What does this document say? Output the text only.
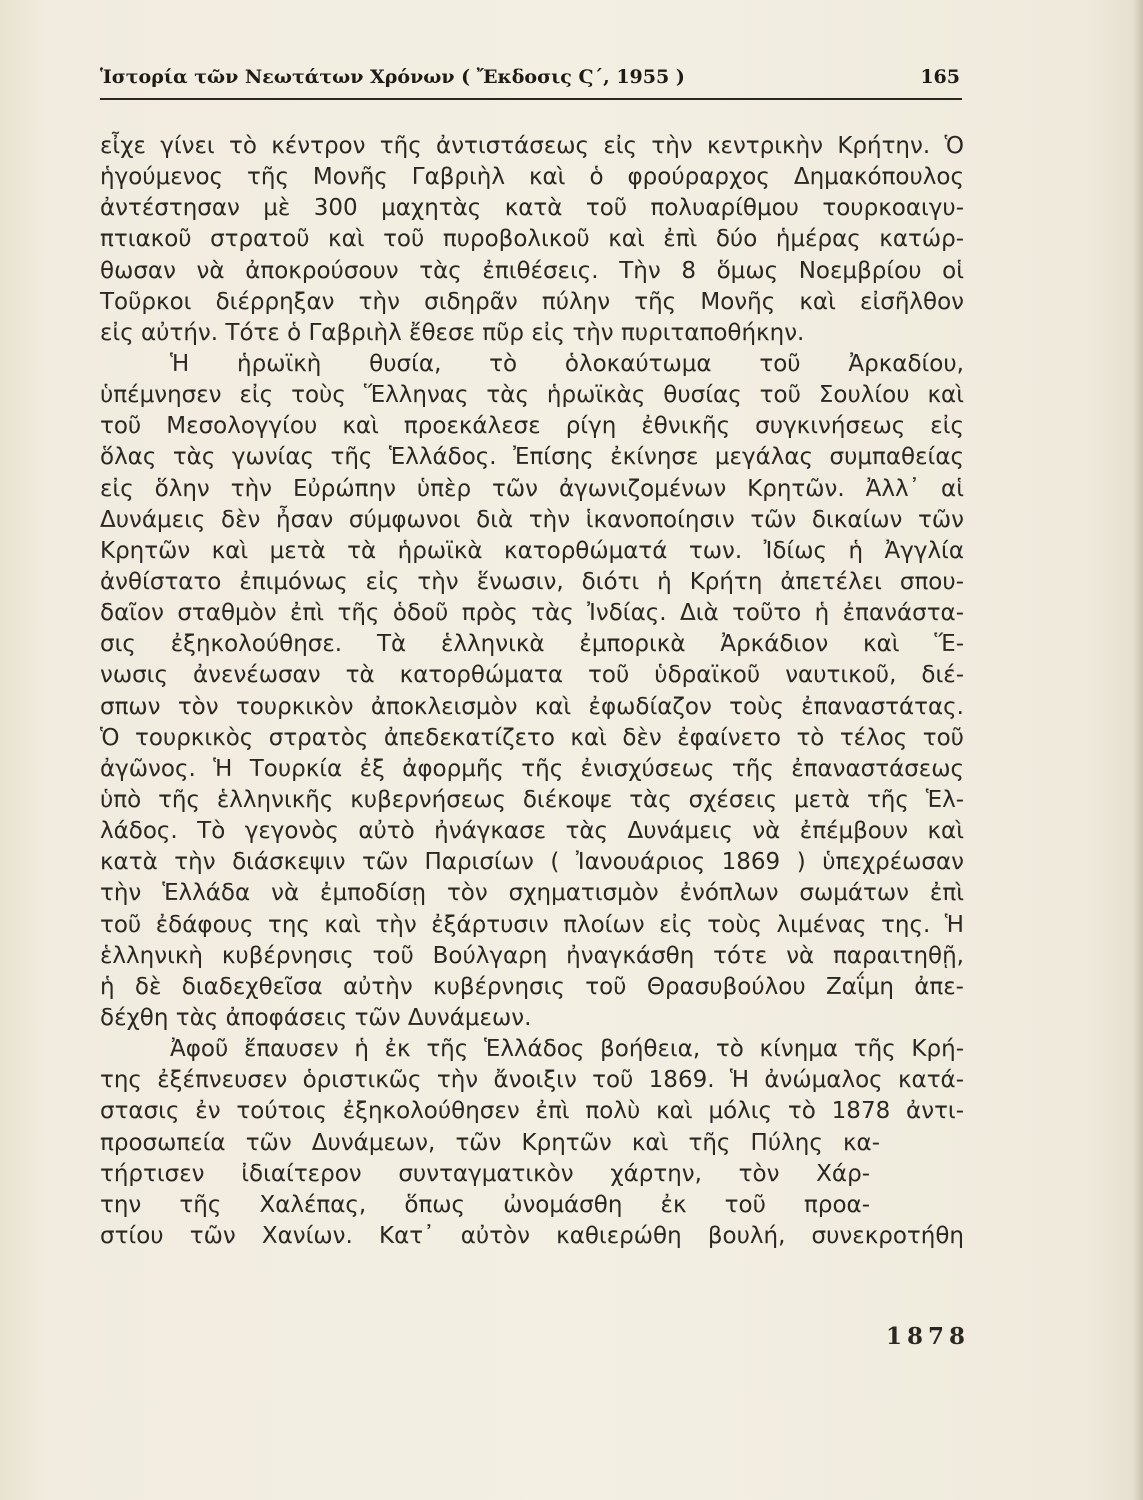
Ἱστορία τῶν Νεωτάτων Χρόνων ( Ἔκδοσις Ϛ΄, 1955 )	165
εἶχε γίνει τὸ κέντρον τῆς ἀντιστάσεως εἰς τὴν κεντρικὴν Κρήτην. Ὁ
ἡγούμενος τῆς Μονῆς Γαβριὴλ καὶ ὁ φρούραρχος Δημακόπουλος
ἀντέστησαν μὲ 300 μαχητὰς κατὰ τοῦ πολυαρίθμου τουρκοαιγυ-
πτιακοῦ στρατοῦ καὶ τοῦ πυροβολικοῦ καὶ ἐπὶ δύο ἡμέρας κατώρ-
θωσαν νὰ ἀποκρούσουν τὰς ἐπιθέσεις. Τὴν 8 ὅμως Νοεμβρίου οἱ
Τοῦρκοι διέρρηξαν τὴν σιδηρᾶν πύλην τῆς Μονῆς καὶ εἰσῆλθον
εἰς αὐτήν. Τότε ὁ Γαβριὴλ ἔθεσε πῦρ εἰς τὴν πυριταποθήκην.
Ἡ ἡρωϊκὴ θυσία, τὸ ὁλοκαύτωμα τοῦ Ἀρκαδίου,
ὑπέμνησεν εἰς τοὺς Ἕλληνας τὰς ἡρωϊκὰς θυσίας τοῦ Σουλίου καὶ
τοῦ Μεσολογγίου καὶ προεκάλεσε ρίγη ἐθνικῆς συγκινήσεως εἰς
ὅλας τὰς γωνίας τῆς Ἑλλάδος. Ἐπίσης ἐκίνησε μεγάλας συμπαθείας
εἰς ὅλην τὴν Εὐρώπην ὑπὲρ τῶν ἀγωνιζομένων Κρητῶν. Ἀλλ᾽ αἱ
Δυνάμεις δὲν ἦσαν σύμφωνοι διὰ τὴν ἱκανοποίησιν τῶν δικαίων τῶν
Κρητῶν καὶ μετὰ τὰ ἡρωϊκὰ κατορθώματά των. Ἰδίως ἡ Ἀγγλία
ἀνθίστατο ἐπιμόνως εἰς τὴν ἕνωσιν, διότι ἡ Κρήτη ἀπετέλει σπου-
δαῖον σταθμὸν ἐπὶ τῆς ὁδοῦ πρὸς τὰς Ἰνδίας. Διὰ τοῦτο ἡ ἐπανάστα-
σις ἐξηκολούθησε. Τὰ ἑλληνικὰ ἐμπορικὰ Ἀρκάδιον καὶ Ἕ-
νωσις ἀνενέωσαν τὰ κατορθώματα τοῦ ὑδραϊκοῦ ναυτικοῦ, διέ-
σπων τὸν τουρκικὸν ἀποκλεισμὸν καὶ ἐφωδίαζον τοὺς ἐπαναστάτας.
Ὁ τουρκικὸς στρατὸς ἀπεδεκατίζετο καὶ δὲν ἐφαίνετο τὸ τέλος τοῦ
ἀγῶνος. Ἡ Τουρκία ἐξ ἀφορμῆς τῆς ἐνισχύσεως τῆς ἐπαναστάσεως
ὑπὸ τῆς ἑλληνικῆς κυβερνήσεως διέκοψε τὰς σχέσεις μετὰ τῆς Ἑλ-
λάδος. Τὸ γεγονὸς αὐτὸ ἠνάγκασε τὰς Δυνάμεις νὰ ἐπέμβουν καὶ
κατὰ τὴν διάσκεψιν τῶν Παρισίων ( Ἰανουάριος 1869 ) ὑπεχρέωσαν
τὴν Ἑλλάδα νὰ ἐμποδίσῃ τὸν σχηματισμὸν ἐνόπλων σωμάτων ἐπὶ
τοῦ ἐδάφους της καὶ τὴν ἐξάρτυσιν πλοίων εἰς τοὺς λιμένας της. Ἡ
ἑλληνικὴ κυβέρνησις τοῦ Βούλγαρη ἠναγκάσθη τότε νὰ παραιτηθῇ,
ἡ δὲ διαδεχθεῖσα αὐτὴν κυβέρνησις τοῦ Θρασυβούλου Ζαΐμη ἀπε-
δέχθη τὰς ἀποφάσεις τῶν Δυνάμεων.
Ἀφοῦ ἔπαυσεν ἡ ἐκ τῆς Ἑλλάδος βοήθεια, τὸ κίνημα τῆς Κρή-
της ἐξέπνευσεν ὁριστικῶς τὴν ἄνοιξιν τοῦ 1869. Ἡ ἀνώμαλος κατά-
στασις ἐν τούτοις ἐξηκολούθησεν ἐπὶ πολὺ καὶ μόλις τὸ 1878 ἀντι-
προσωπεία τῶν Δυνάμεων, τῶν Κρητῶν καὶ τῆς Πύλης κα-
τήρτισεν ἰδιαίτερον συνταγματικὸν χάρτην, τὸν Χάρ-
την τῆς Χαλέπας, ὅπως ὠνομάσθη ἐκ τοῦ προα-
στίου τῶν Χανίων. Κατ᾽ αὐτὸν καθιερώθη βουλή, συνεκροτήθη
1878
